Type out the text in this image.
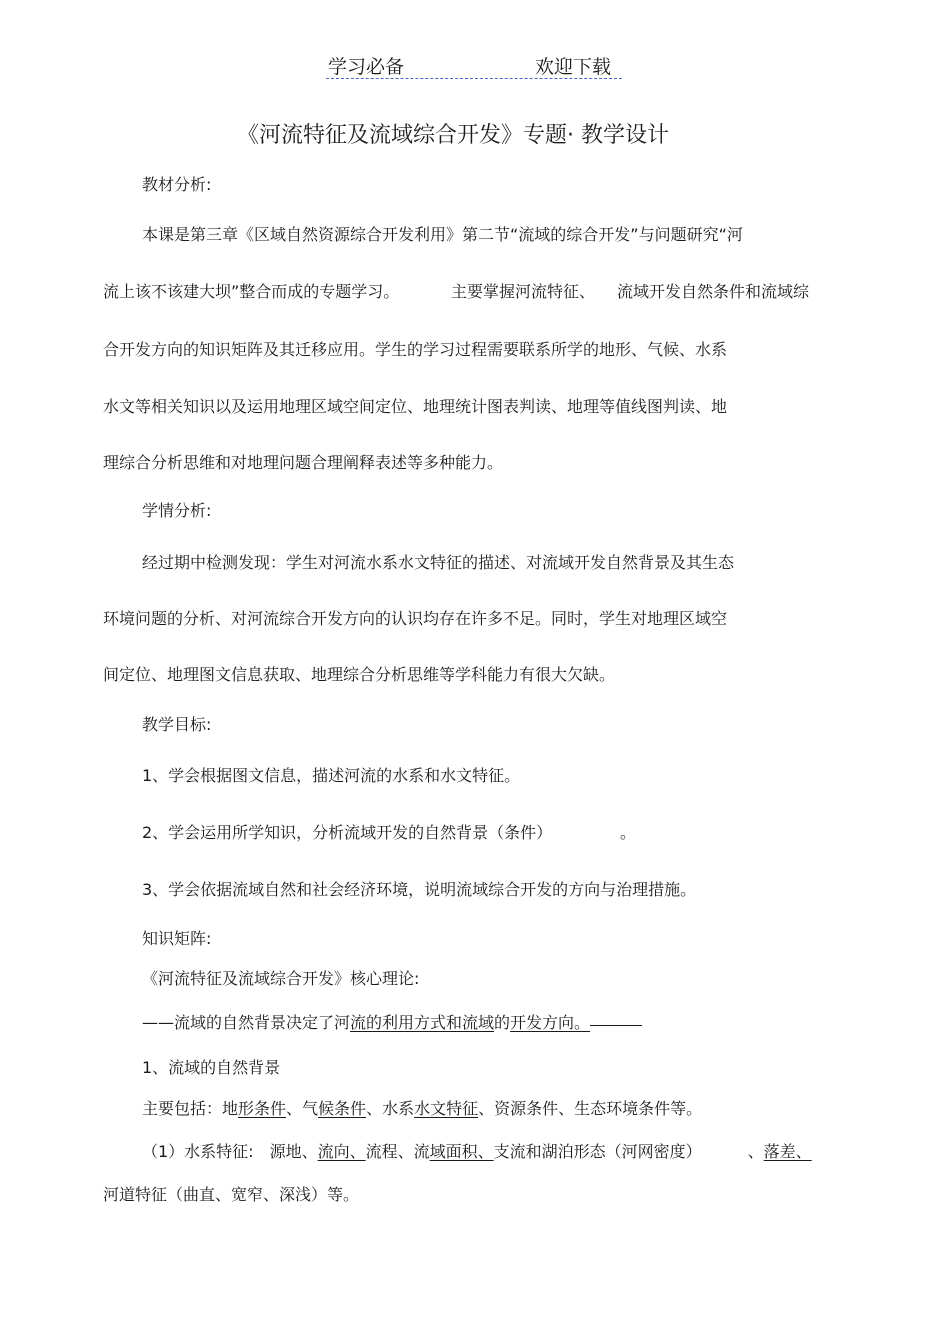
学习必备	欢迎下载
《河流特征及流域综合开发》专题· 教学设计
教材分析:
本课是第三章《区域自然资源综合开发利用》第二节“流域的综合开发”与问题研究“河
流上该不该建大坝”整合而成的专题学习。	主要掌握河流特征、 流域开发自然条件和流域综
合开发方向的知识矩阵及其迁移应用。学生的学习过程需要联系所学的地形、气候、水系
水文等相关知识以及运用地理区域空间定位、地理统计图表判读、地理等值线图判读、地
理综合分析思维和对地理问题合理阐释表述等多种能力。
学情分析:
经过期中检测发现：学生对河流水系水文特征的描述、对流域开发自然背景及其生态
环境问题的分析、对河流综合开发方向的认识均存在许多不足。同时，学生对地理区域空
间定位、地理图文信息获取、地理综合分析思维等学科能力有很大欠缺。
教学目标:
1、学会根据图文信息，描述河流的水系和水文特征。
2、学会运用所学知识，分析流域开发的自然背景（条件）	。
3、学会依据流域自然和社会经济环境，说明流域综合开发的方向与治理措施。
知识矩阵:
《河流特征及流域综合开发》核心理论:
——流域的自然背景决定了河流的利用方式和流域的开发方向。
1、流域的自然背景
主要包括：地形条件、气候条件、水系水文特征、资源条件、生态环境条件等。
（1）水系特征:　源地、流向、流程、流域面积、支流和湖泊形态（河网密度）	、落差、
河道特征（曲直、宽窄、深浅）等。
